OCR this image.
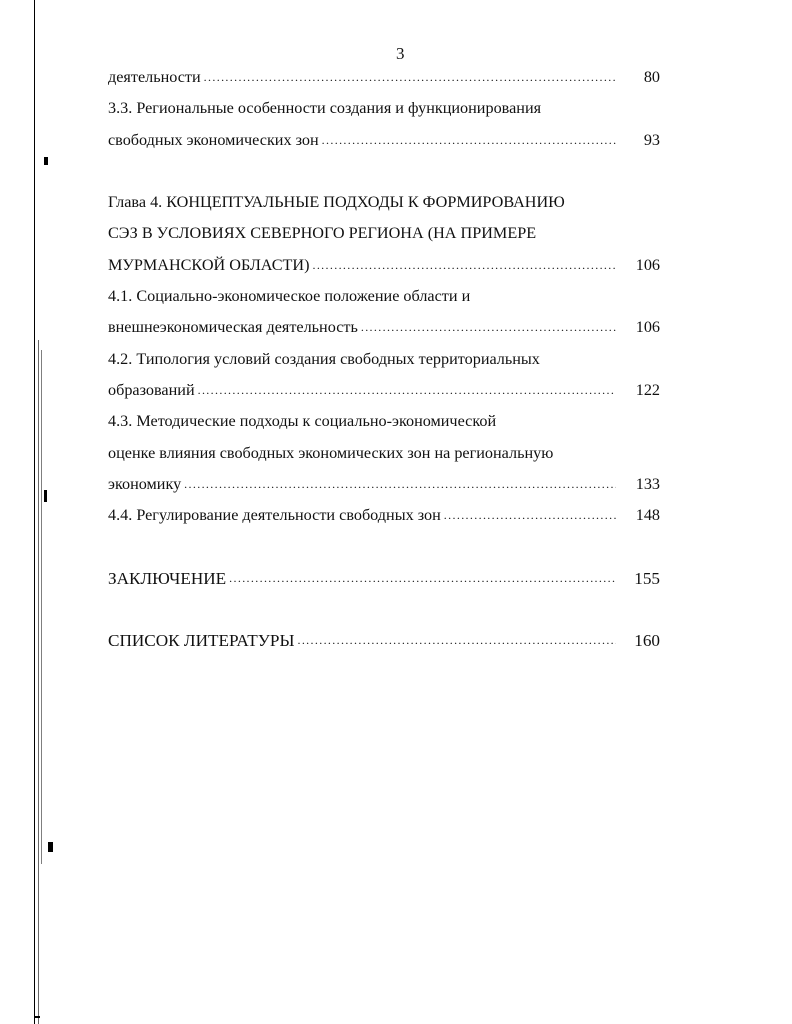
3
деятельности .....	80
3.3. Региональные особенности создания и функционирования
свободных экономических зон .....	93
Глава 4. КОНЦЕПТУАЛЬНЫЕ ПОДХОДЫ К ФОРМИРОВАНИЮ
СЭЗ В УСЛОВИЯХ СЕВЕРНОГО РЕГИОНА (НА ПРИМЕРЕ
МУРМАНСКОЙ ОБЛАСТИ) .....	106
4.1. Социально-экономическое положение области и
внешнеэкономическая деятельность .....	106
4.2. Типология условий создания свободных территориальных
образований .....	122
4.3. Методические подходы к социально-экономической
оценке влияния свободных экономических зон на региональную
экономику .....	133
4.4. Регулирование деятельности свободных зон .....	148
ЗАКЛЮЧЕНИЕ .....	155
СПИСОК ЛИТЕРАТУРЫ .....	160
